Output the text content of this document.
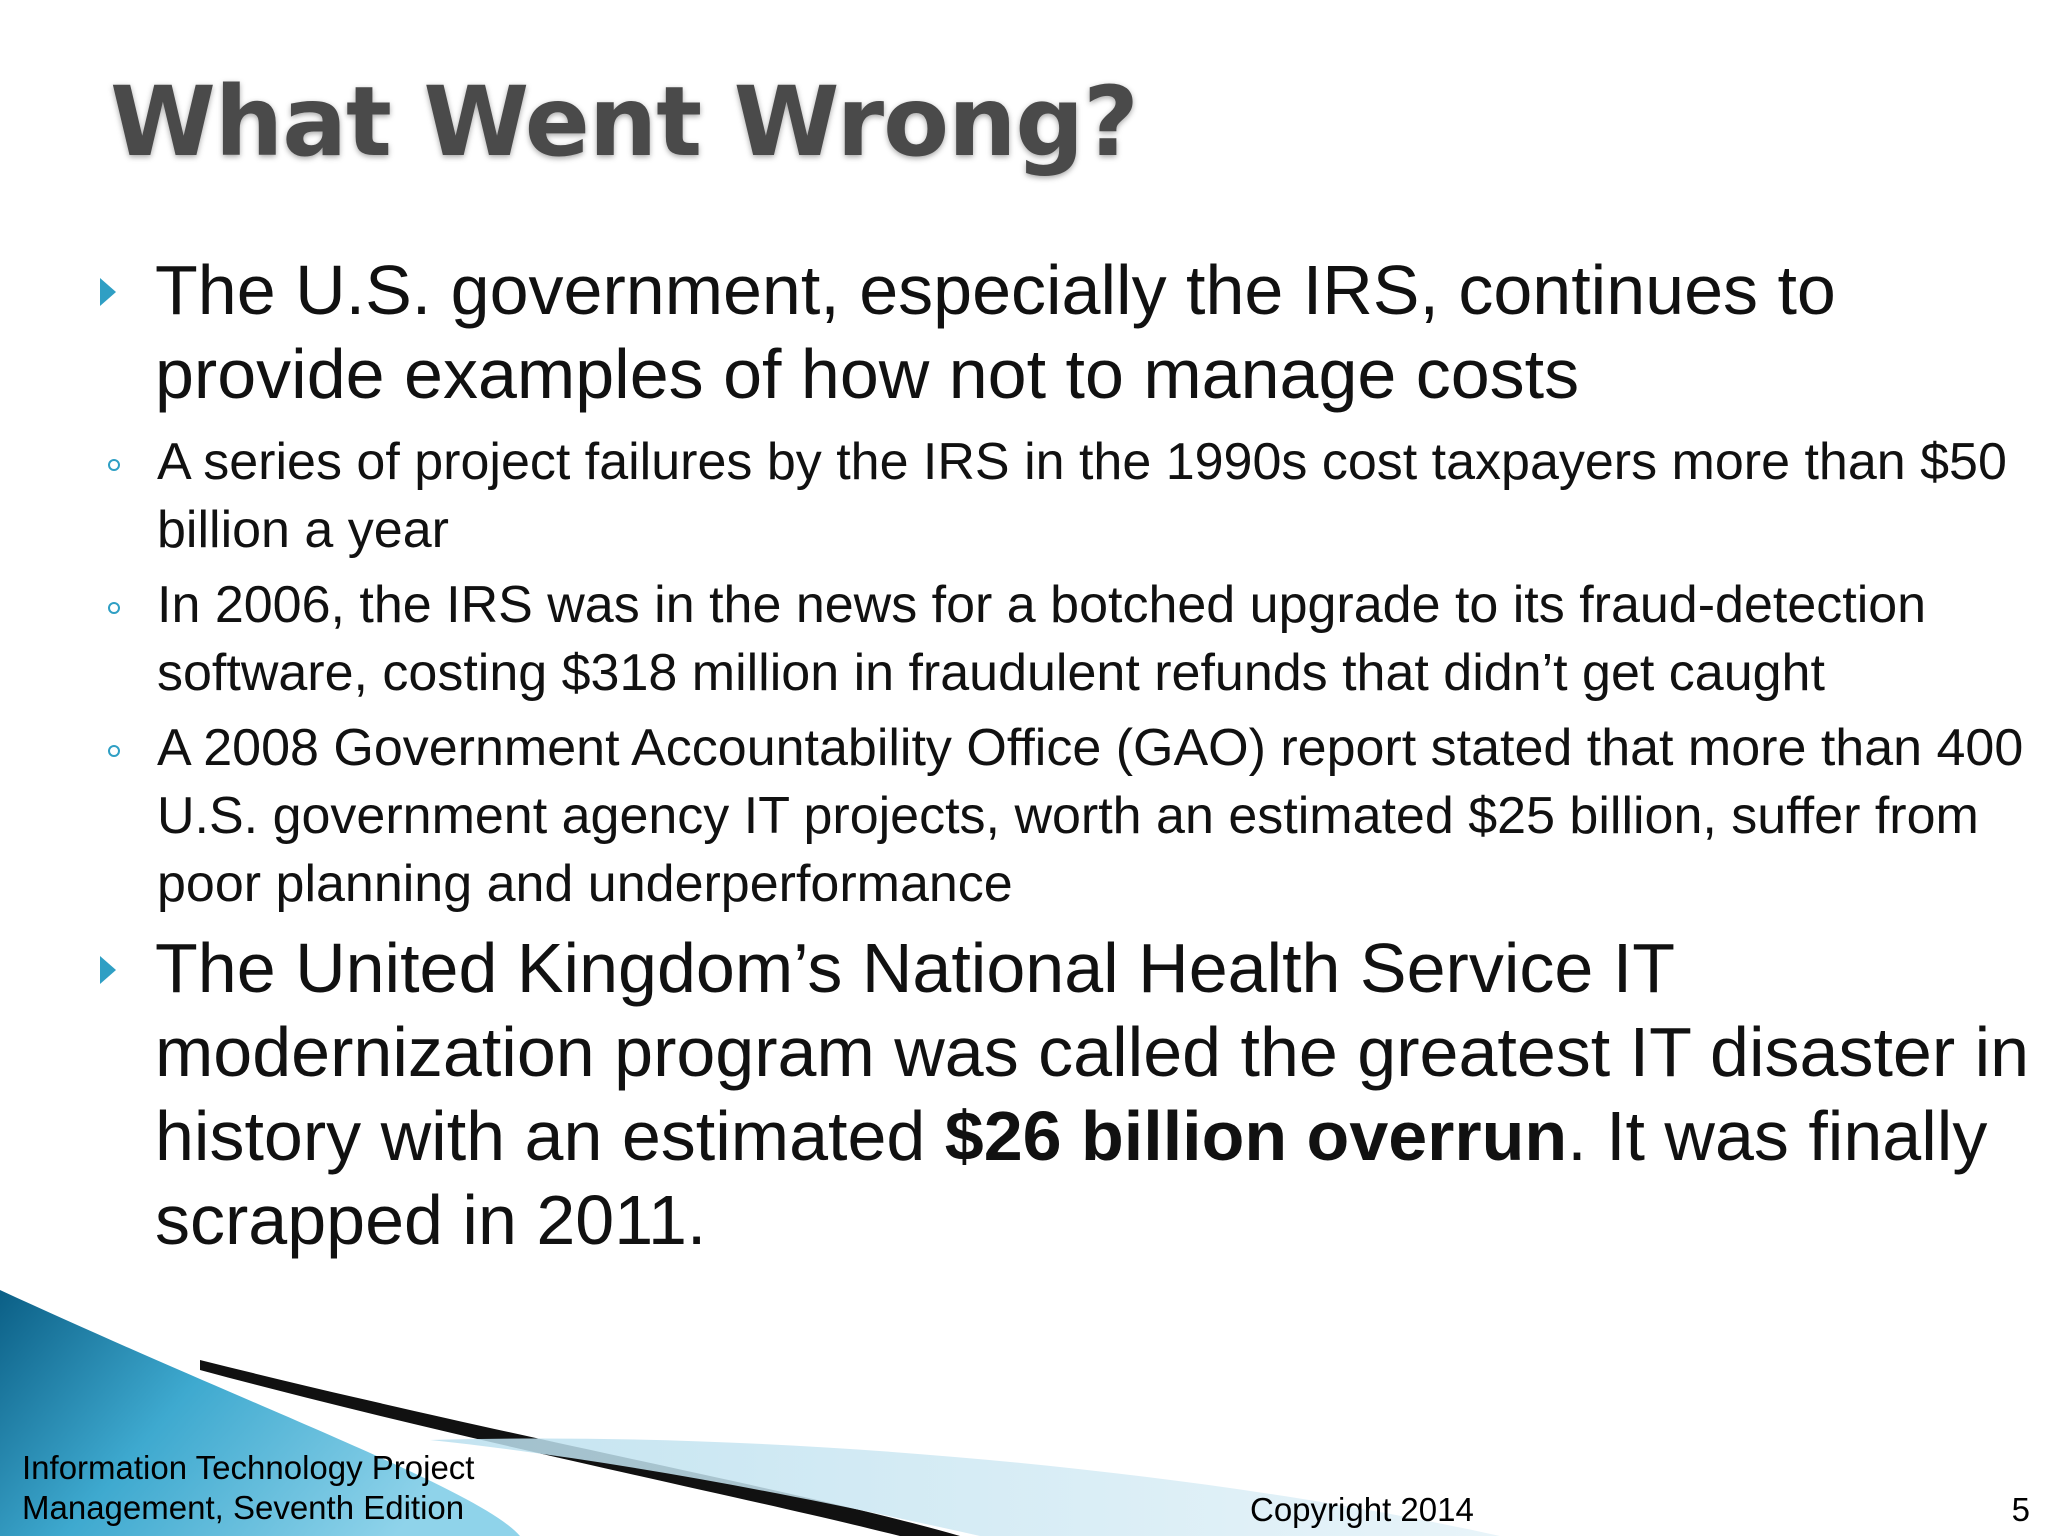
What Went Wrong?
The U.S. government, especially the IRS, continues to provide examples of how not to manage costs
A series of project failures by the IRS in the 1990s cost taxpayers more than $50 billion a year
In 2006, the IRS was in the news for a botched upgrade to its fraud-detection software, costing $318 million in fraudulent refunds that didn’t get caught
A 2008 Government Accountability Office (GAO) report stated that more than 400 U.S. government agency IT projects, worth an estimated $25 billion, suffer from poor planning and underperformance
The United Kingdom’s National Health Service IT modernization program was called the greatest IT disaster in history with an estimated $26 billion overrun. It was finally scrapped in 2011.
Information Technology Project
Management, Seventh Edition	Copyright 2014	5
